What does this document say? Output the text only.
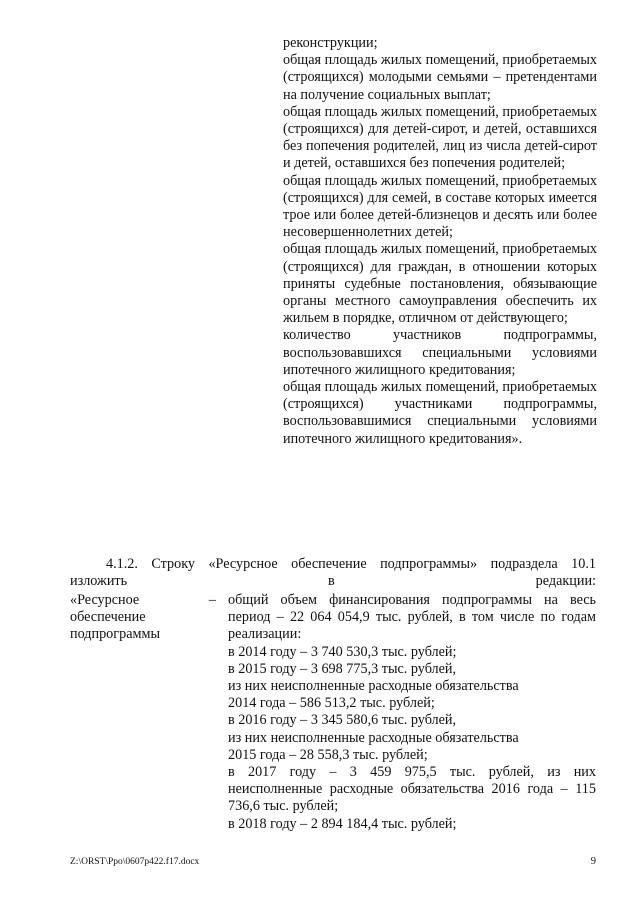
реконструкции;

общая площадь жилых помещений, приобретаемых (строящихся) молодыми семьями – претендентами на получение социальных выплат;

общая площадь жилых помещений, приобретаемых (строящихся) для детей-сирот, и детей, оставшихся без попечения родителей, лиц из числа детей-сирот и детей, оставшихся без попечения родителей;

общая площадь жилых помещений, приобретаемых (строящихся) для семей, в составе которых имеется трое или более детей-близнецов и десять или более несовершеннолетних детей;

общая площадь жилых помещений, приобретаемых (строящихся) для граждан, в отношении которых приняты судебные постановления, обязывающие органы местного самоуправления обеспечить их жильем в порядке, отличном от действующего;

количество участников подпрограммы, воспользовавшихся специальными условиями ипотечного жилищного кредитования;

общая площадь жилых помещений, приобретаемых (строящихся) участниками подпрограммы, воспользовавшимися специальными условиями ипотечного жилищного кредитования».

4.1.2. Строку «Ресурсное обеспечение подпрограммы» подраздела 10.1 изложить в редакции:

«Ресурсное обеспечение подпрограммы
– общий объем финансирования подпрограммы на весь период – 22 064 054,9 тыс. рублей, в том числе по годам реализации:

в 2014 году – 3 740 530,3 тыс. рублей;

в 2015 году – 3 698 775,3 тыс. рублей,

из них неисполненные расходные обязательства

2014 года – 586 513,2 тыс. рублей;

в 2016 году – 3 345 580,6 тыс. рублей,

из них неисполненные расходные обязательства

2015 года – 28 558,3 тыс. рублей;

в 2017 году – 3 459 975,5 тыс. рублей, из них неисполненные расходные обязательства 2016 года – 115 736,6 тыс. рублей;

в 2018 году – 2 894 184,4 тыс. рублей;

Z:\ORST\Ppo\0607p422.f17.docx	9
